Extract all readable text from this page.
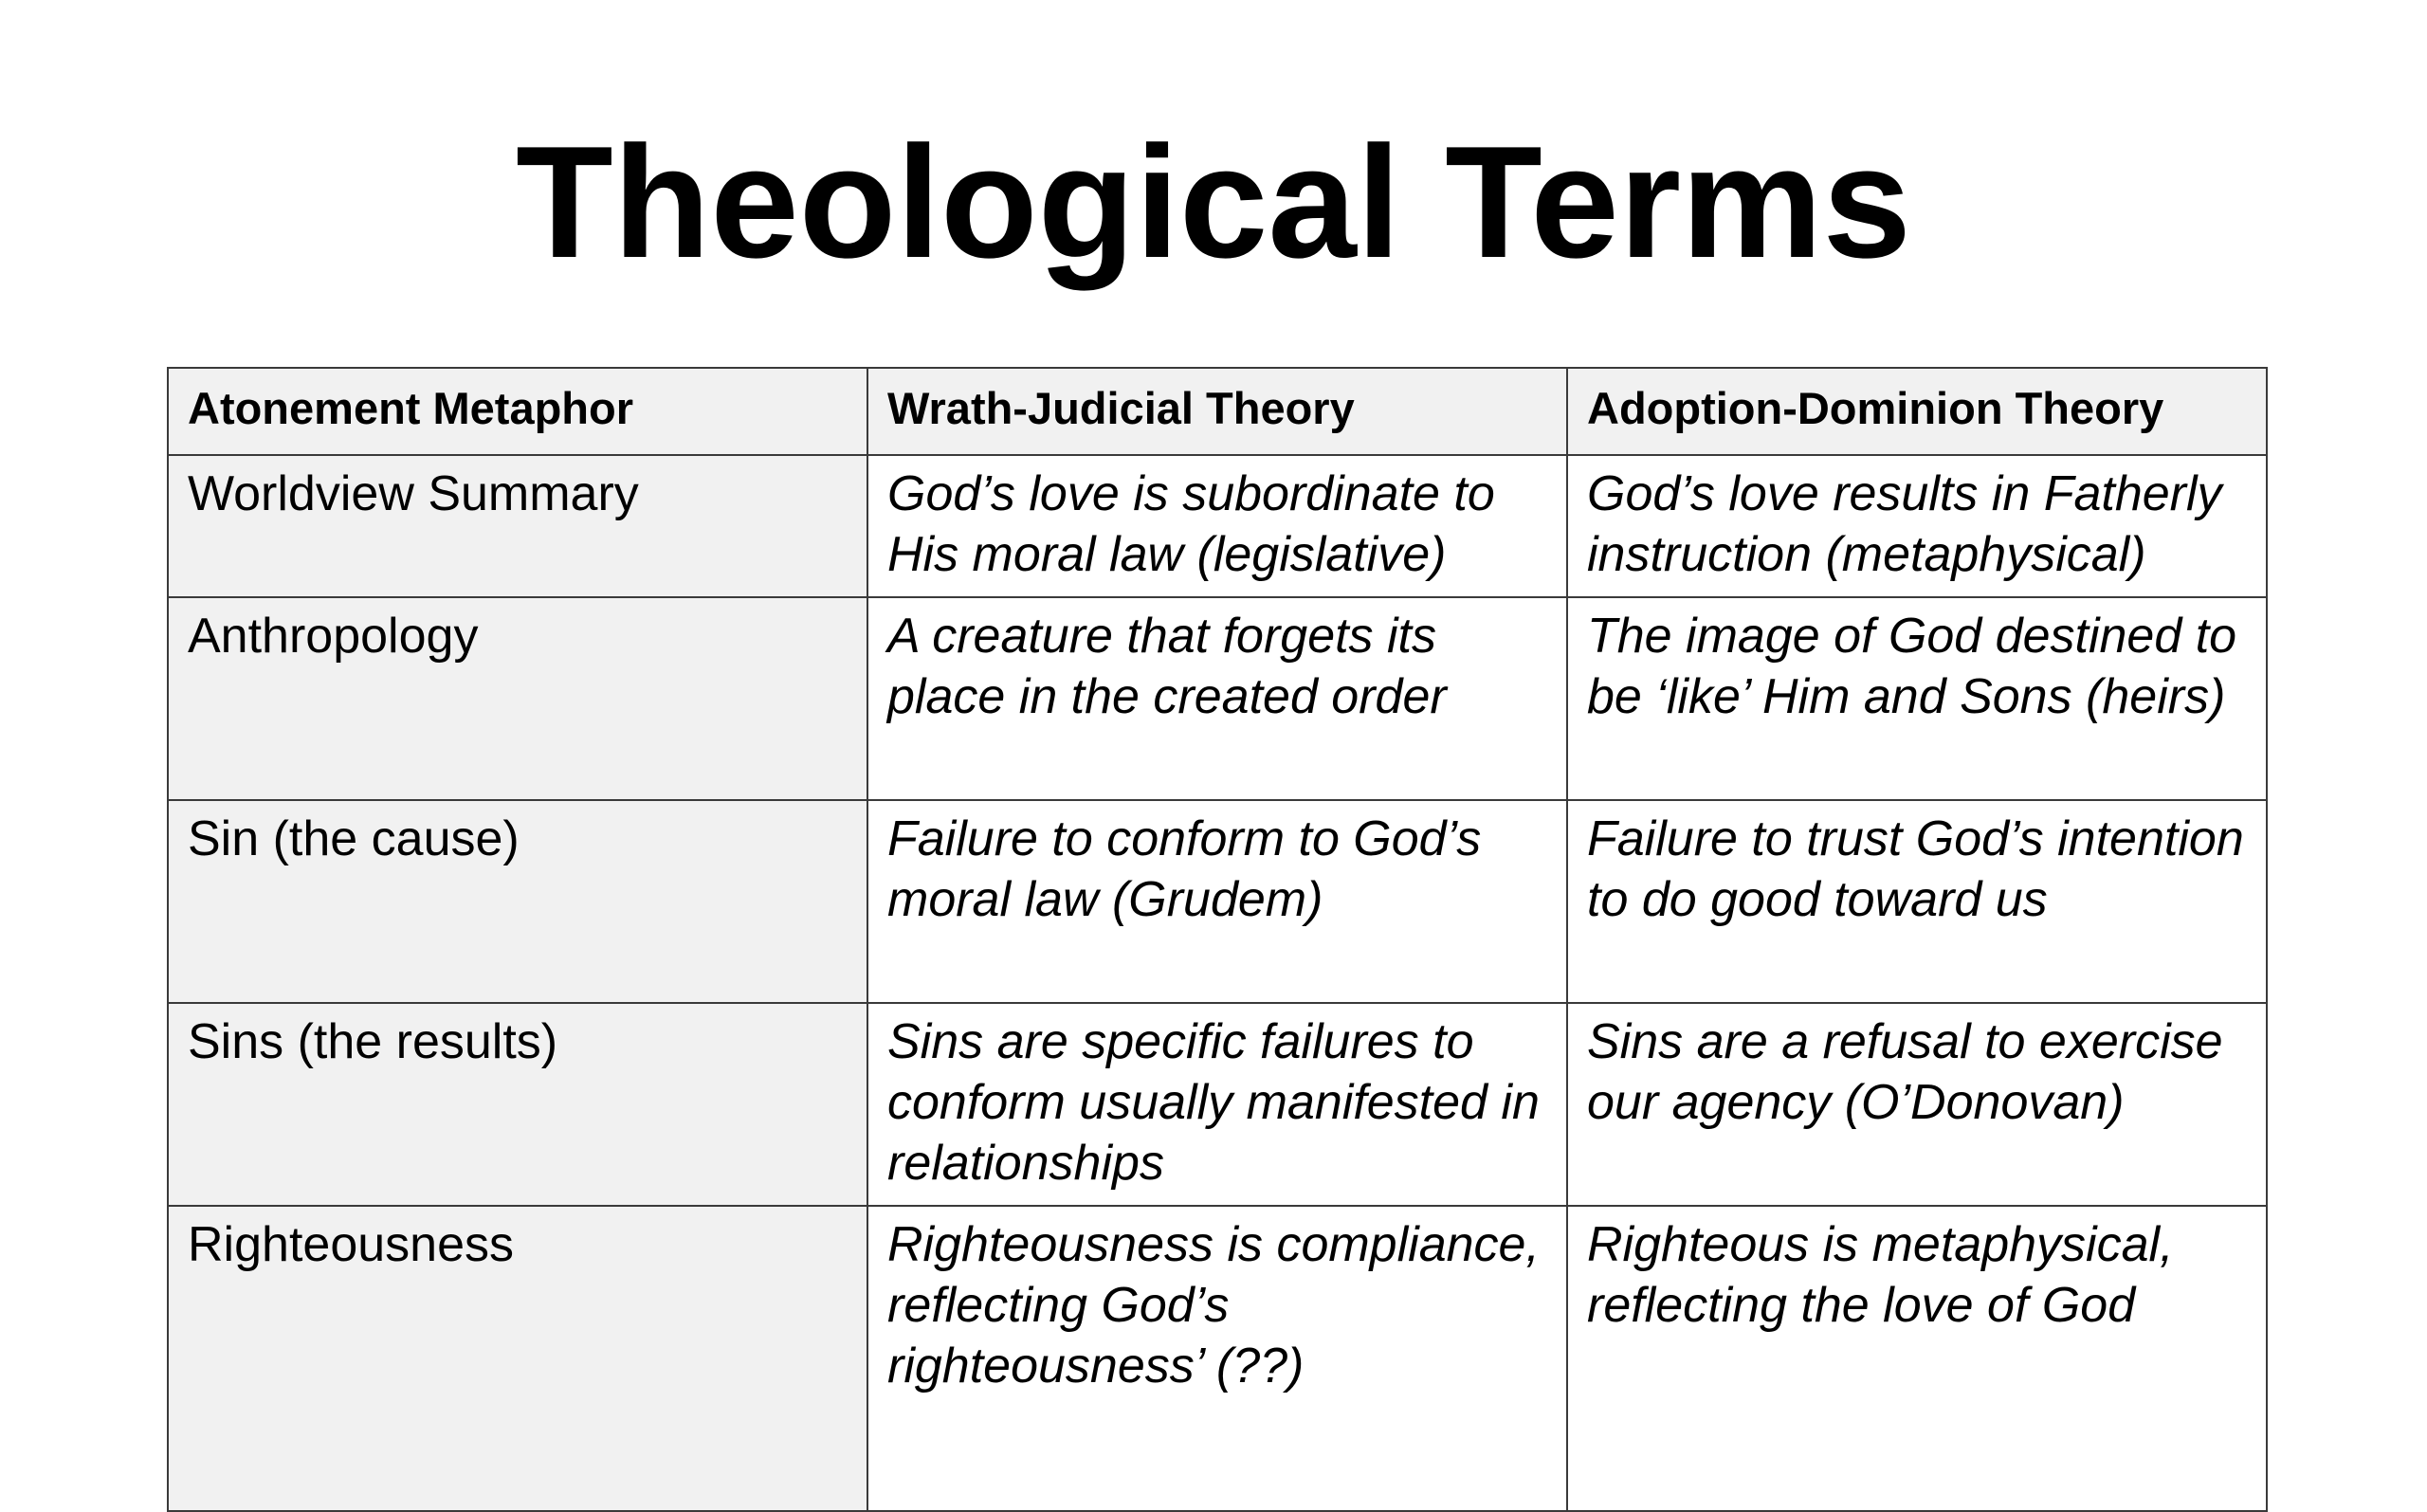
Theological Terms
Atonement Metaphor	Wrath-Judicial Theory	Adoption-Dominion Theory
Worldview Summary	God’s love is subordinate to His moral law (legislative)	God’s love results in Fatherly instruction (metaphysical)
Anthropology	A creature that forgets its place in the created order	The image of God destined to be ‘like’ Him and Sons (heirs)
Sin (the cause)	Failure to conform to God’s moral law (Grudem)	Failure to trust God’s intention to do good toward us
Sins (the results)	Sins are specific failures to conform usually manifested in relationships	Sins are a refusal to exercise our agency (O’Donovan)
Righteousness	Righteousness is compliance, reflecting God’s righteousness’ (??)	Righteous is metaphysical, reflecting the love of God
